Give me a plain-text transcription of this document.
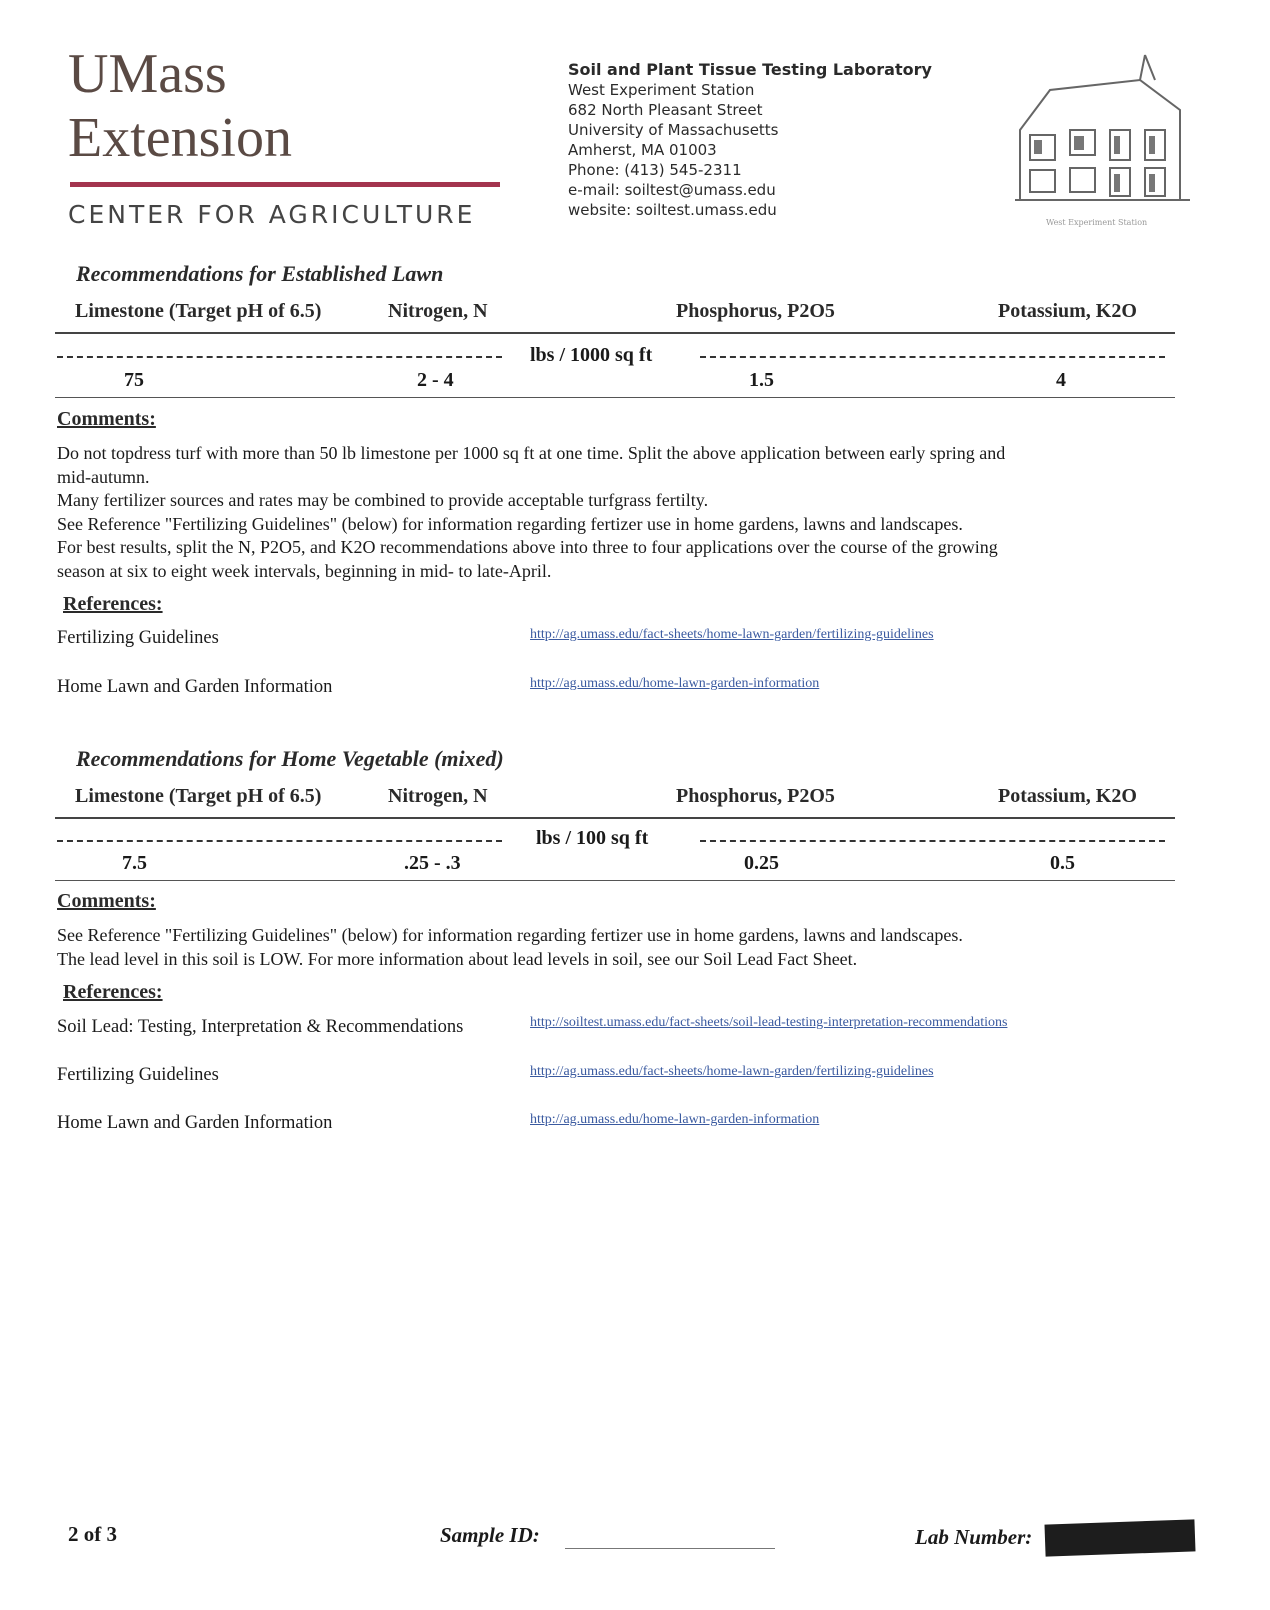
UMass
Extension
CENTER FOR AGRICULTURE
Soil and Plant Tissue Testing Laboratory
West Experiment Station
682 North Pleasant Street
University of Massachusetts
Amherst, MA 01003
Phone: (413) 545-2311
e-mail: soiltest@umass.edu
website: soiltest.umass.edu
West Experiment Station
Recommendations for Established Lawn
Limestone (Target pH of 6.5)	Nitrogen, N	Phosphorus, P2O5	Potassium, K2O
lbs / 1000 sq ft
75	2 - 4	1.5	4
Comments:
Do not topdress turf with more than 50 lb limestone per 1000 sq ft at one time. Split the above application between early spring and
mid-autumn.
Many fertilizer sources and rates may be combined to provide acceptable turfgrass fertilty.
See Reference "Fertilizing Guidelines" (below) for information regarding fertizer use in home gardens, lawns and landscapes.
For best results, split the N, P2O5, and K2O recommendations above into three to four applications over the course of the growing
season at six to eight week intervals, beginning in mid- to late-April.
References:
Fertilizing Guidelines	http://ag.umass.edu/fact-sheets/home-lawn-garden/fertilizing-guidelines
Home Lawn and Garden Information	http://ag.umass.edu/home-lawn-garden-information
Recommendations for Home Vegetable (mixed)
Limestone (Target pH of 6.5)	Nitrogen, N	Phosphorus, P2O5	Potassium, K2O
lbs / 100 sq ft
7.5	.25 - .3	0.25	0.5
Comments:
See Reference "Fertilizing Guidelines" (below) for information regarding fertizer use in home gardens, lawns and landscapes.
The lead level in this soil is LOW. For more information about lead levels in soil, see our Soil Lead Fact Sheet.
References:
Soil Lead: Testing, Interpretation & Recommendations	http://soiltest.umass.edu/fact-sheets/soil-lead-testing-interpretation-recommendations
Fertilizing Guidelines	http://ag.umass.edu/fact-sheets/home-lawn-garden/fertilizing-guidelines
Home Lawn and Garden Information	http://ag.umass.edu/home-lawn-garden-information
2 of 3	Sample ID:	Lab Number:
